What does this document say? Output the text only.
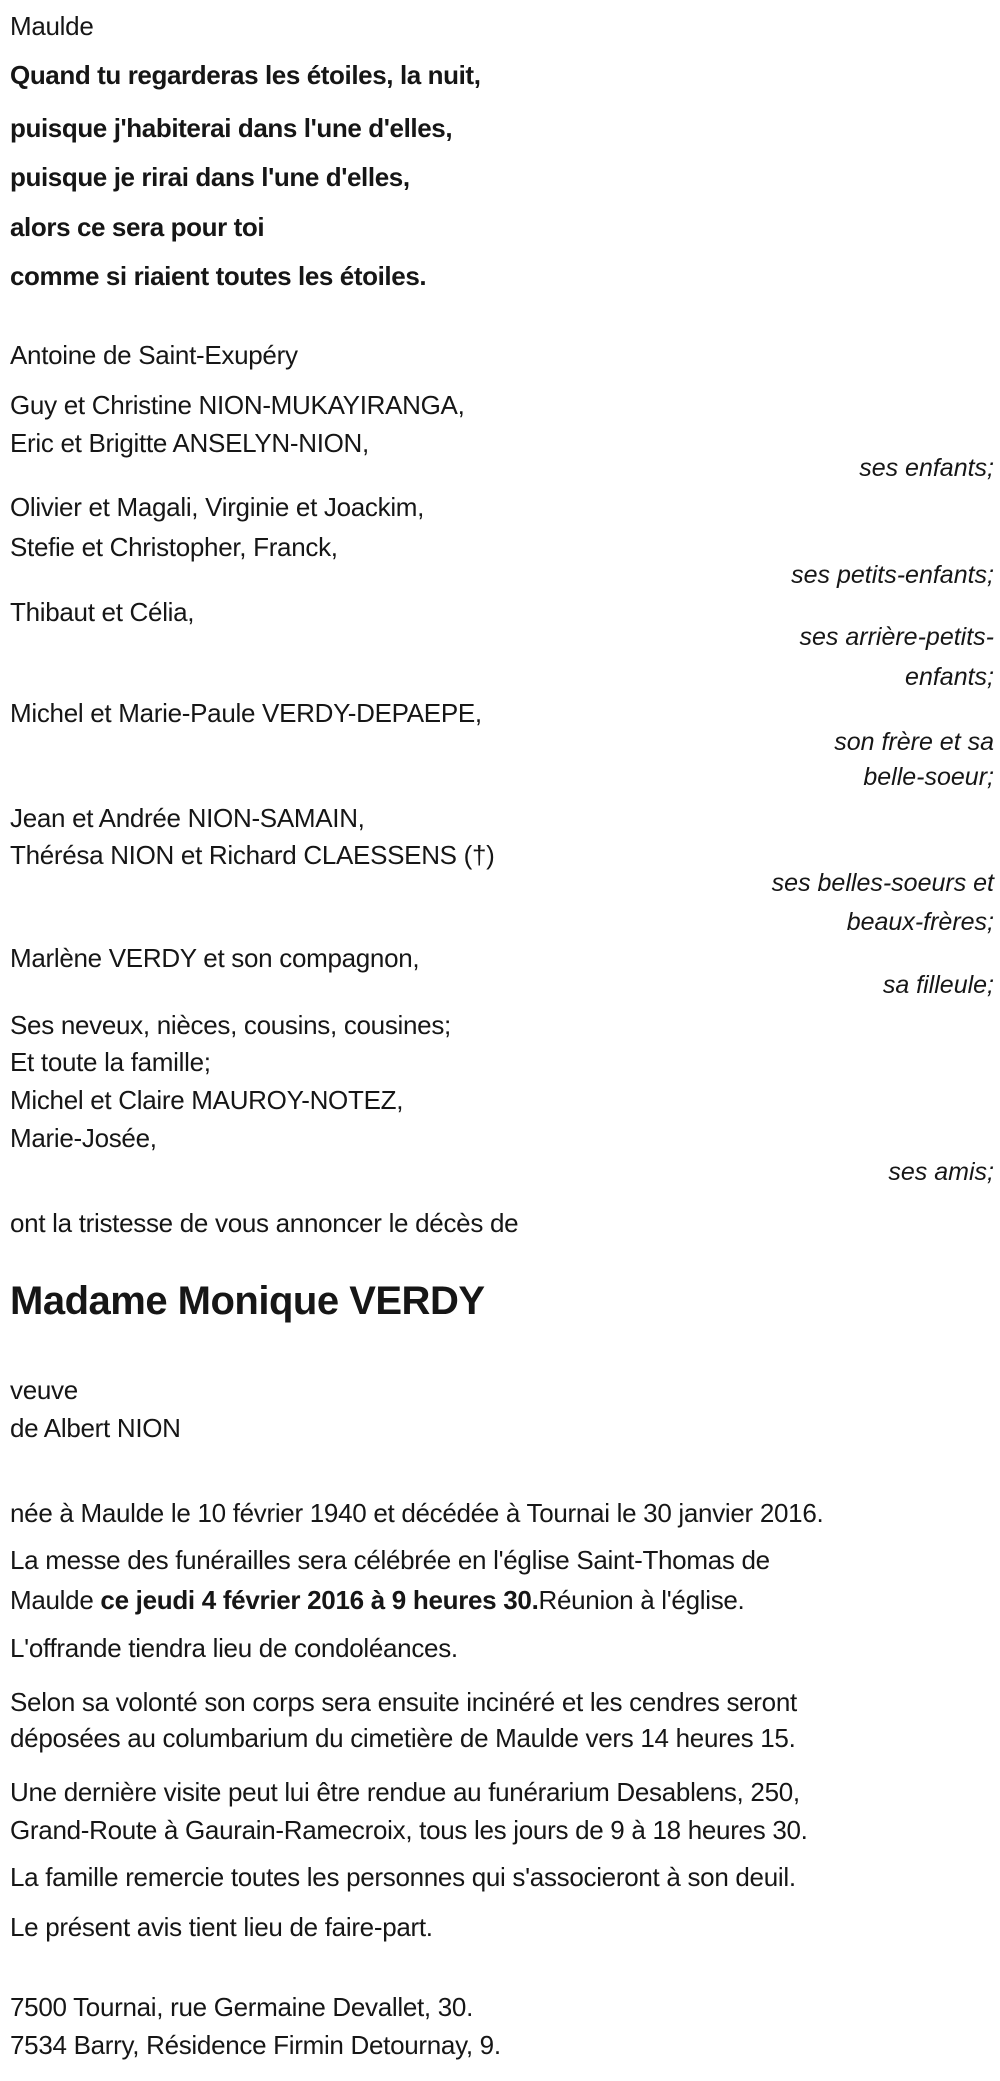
Maulde
Quand tu regarderas les étoiles, la nuit,
puisque j'habiterai dans l'une d'elles,
puisque je rirai dans l'une d'elles,
alors ce sera pour toi
comme si riaient toutes les étoiles.
Antoine de Saint-Exupéry
Guy et Christine NION-MUKAYIRANGA,
Eric et Brigitte ANSELYN-NION,
ses enfants;
Olivier et Magali, Virginie et Joackim,
Stefie et Christopher, Franck,
ses petits-enfants;
Thibaut et Célia,
ses arrière-petits-
enfants;
Michel et Marie-Paule VERDY-DEPAEPE,
son frère et sa
belle-soeur;
Jean et Andrée NION-SAMAIN,
Thérésa NION et Richard CLAESSENS (†)
ses belles-soeurs et
beaux-frères;
Marlène VERDY et son compagnon,
sa filleule;
Ses neveux, nièces, cousins, cousines;
Et toute la famille;
Michel et Claire MAUROY-NOTEZ,
Marie-Josée,
ses amis;
ont la tristesse de vous annoncer le décès de
Madame Monique VERDY
veuve
de Albert NION
née à Maulde le 10 février 1940 et décédée à Tournai le 30 janvier 2016.
La messe des funérailles sera célébrée en l'église Saint-Thomas de
Maulde ce jeudi 4 février 2016 à 9 heures 30.Réunion à l'église.
L'offrande tiendra lieu de condoléances.
Selon sa volonté son corps sera ensuite incinéré et les cendres seront
déposées au columbarium du cimetière de Maulde vers 14 heures 15.
Une dernière visite peut lui être rendue au funérarium Desablens, 250,
Grand-Route à Gaurain-Ramecroix, tous les jours de 9 à 18 heures 30.
La famille remercie toutes les personnes qui s'associeront à son deuil.
Le présent avis tient lieu de faire-part.
7500 Tournai, rue Germaine Devallet, 30.
7534 Barry, Résidence Firmin Detournay, 9.
